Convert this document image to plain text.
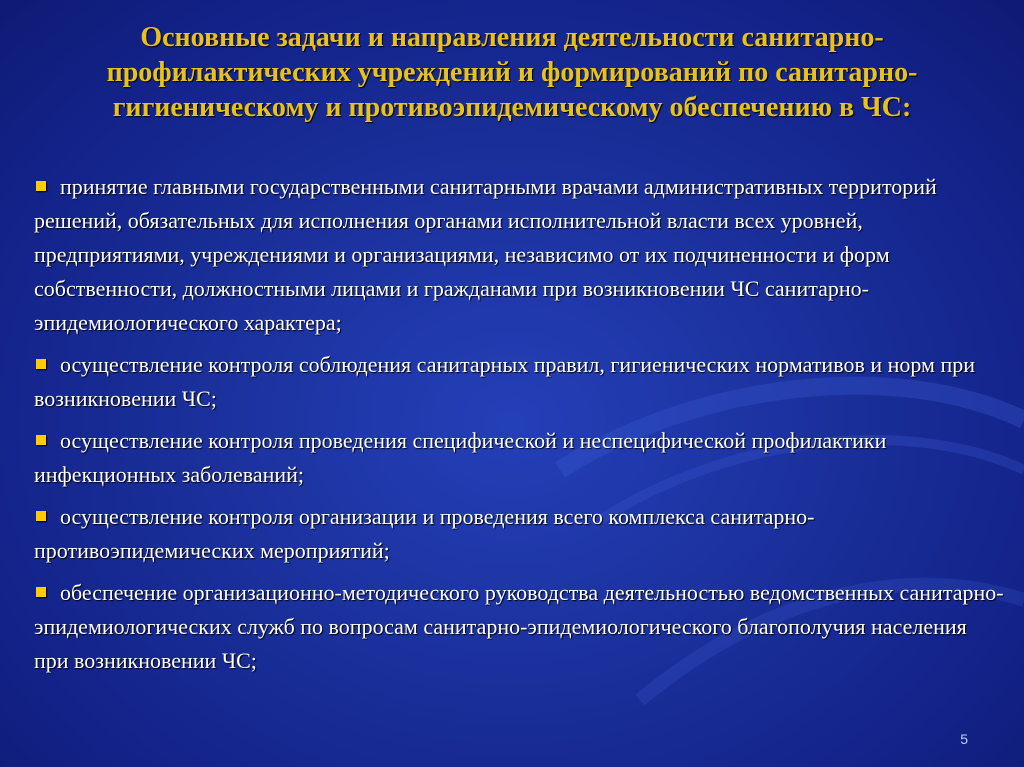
Основные задачи и направления деятельности санитарно-профилактических учреждений и формирований по санитарно-гигиеническому и противоэпидемическому обеспечению в ЧС:
принятие главными государственными санитарными врачами административных территорий решений, обязательных для исполнения органами исполнительной власти всех уровней, предприятиями, учреждениями и организациями, независимо от их подчиненности и форм собственности, должностными лицами и гражданами при возникновении ЧС санитарно-эпидемиологического характера;
осуществление контроля соблюдения санитарных правил, гигиенических нормативов и норм при возникновении ЧС;
осуществление контроля проведения специфической и неспецифической профилактики инфекционных заболеваний;
осуществление контроля организации и проведения всего комплекса санитарно-противоэпидемических мероприятий;
обеспечение организационно-методического руководства деятельностью ведомственных санитарно-эпидемиологических служб по вопросам санитарно-эпидемиологического благополучия населения при возникновении ЧС;
5
